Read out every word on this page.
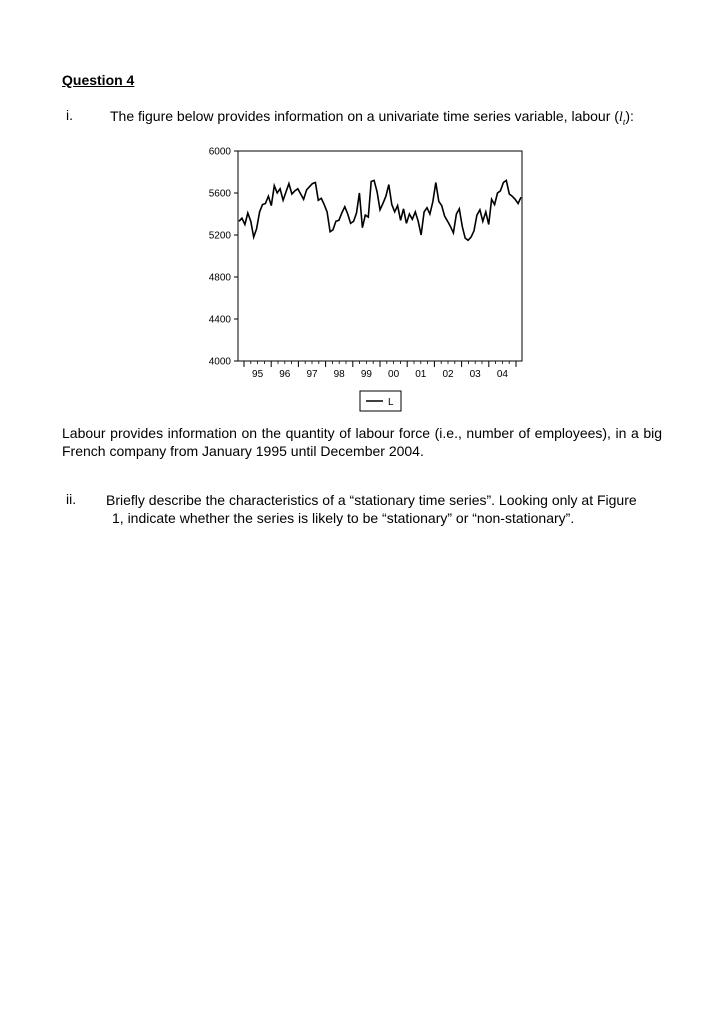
Question 4
i.	The figure below provides information on a univariate time series variable, labour $(l_t)$:
4000
4400
4800
5200
5600
6000
95 96 97 98 99 00 01 02 03 04
L
Labour provides information on the quantity of labour force (i.e., number of employees), in a big French company from January 1995 until December 2004.
ii. Briefly describe the characteristics of a “stationary time series”. Looking only at Figure
1, indicate whether the series is likely to be “stationary” or “non-stationary”.
